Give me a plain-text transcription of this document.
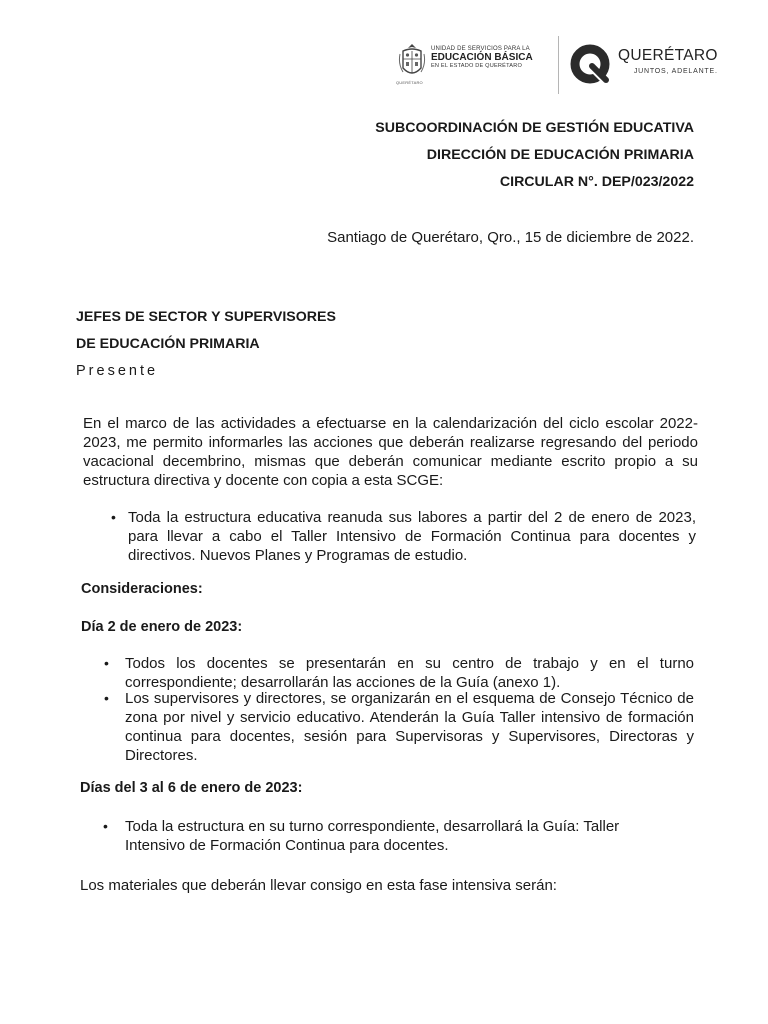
QUERÉTARO
UNIDAD DE SERVICIOS PARA LA
EDUCACIÓN BÁSICA
EN EL ESTADO DE QUERÉTARO
QUERÉTARO
JUNTOS, ADELANTE.
SUBCOORDINACIÓN DE GESTIÓN EDUCATIVA
DIRECCIÓN DE EDUCACIÓN PRIMARIA
CIRCULAR N°. DEP/023/2022
Santiago de Querétaro, Qro., 15 de diciembre de 2022.
JEFES DE SECTOR Y SUPERVISORES
DE EDUCACIÓN PRIMARIA
Presente
En el marco de las actividades a efectuarse en la calendarización del ciclo escolar 2022-2023, me permito informarles las acciones que deberán realizarse regresando del periodo vacacional decembrino, mismas que deberán comunicar mediante escrito propio a su estructura directiva y docente con copia a esta SCGE:
• Toda la estructura educativa reanuda sus labores a partir del 2 de enero de 2023, para llevar a cabo el Taller Intensivo de Formación Continua para docentes y directivos. Nuevos Planes y Programas de estudio.
Consideraciones:
Día 2 de enero de 2023:
• Todos los docentes se presentarán en su centro de trabajo y en el turno correspondiente; desarrollarán las acciones de la Guía (anexo 1).
• Los supervisores y directores, se organizarán en el esquema de Consejo Técnico de zona por nivel y servicio educativo. Atenderán la Guía Taller intensivo de formación continua para docentes, sesión para Supervisoras y Supervisores, Directoras y Directores.
Días del 3 al 6 de enero de 2023:
• Toda la estructura en su turno correspondiente, desarrollará la Guía: Taller Intensivo de Formación Continua para docentes.
Los materiales que deberán llevar consigo en esta fase intensiva serán:
